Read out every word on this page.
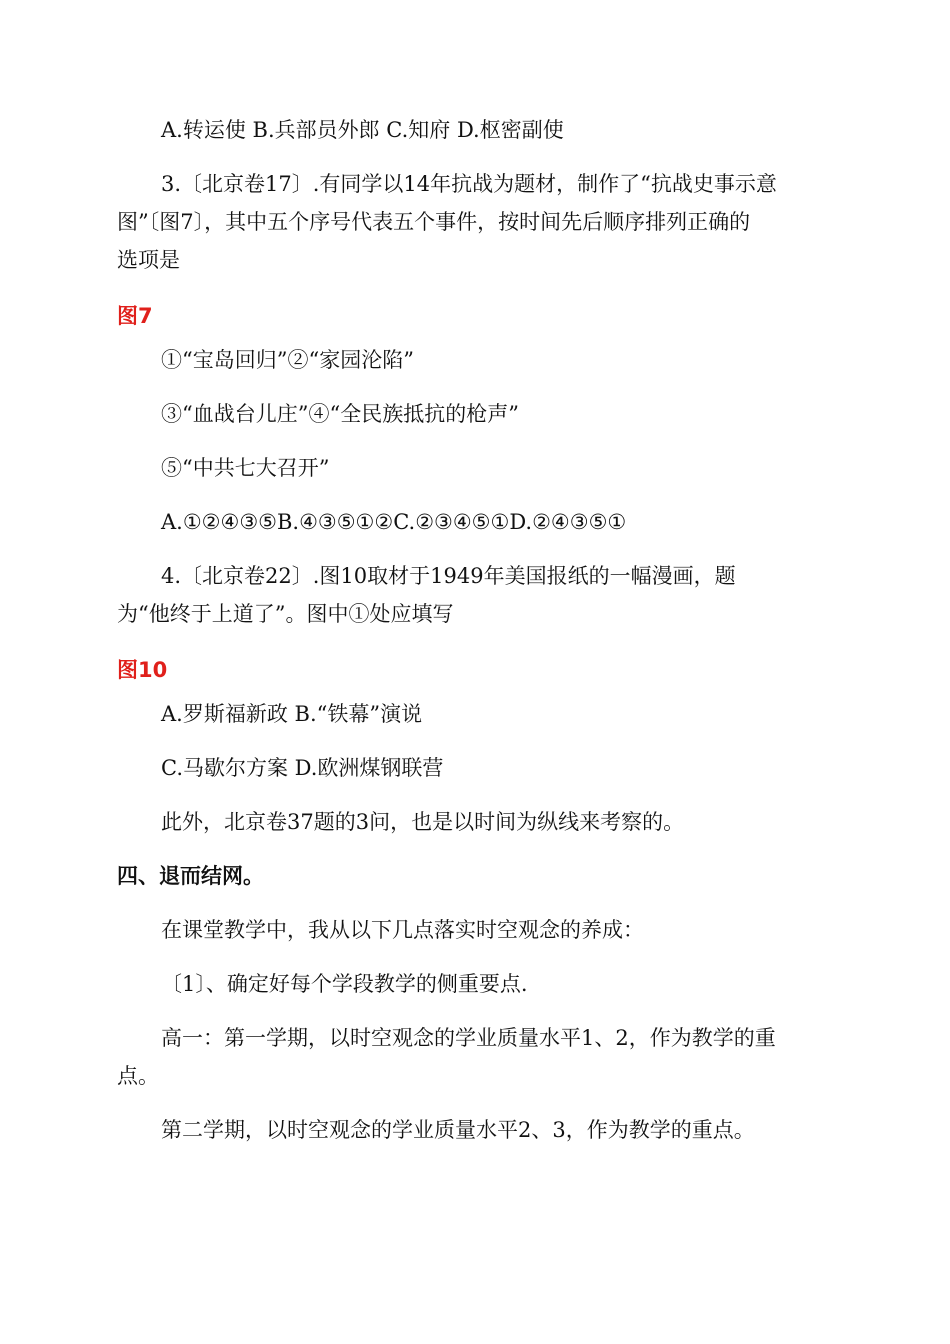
A.转运使 B.兵部员外郎 C.知府 D.枢密副使
3.〔北京卷17〕.有同学以14年抗战为题材，制作了“抗战史事示意
图”〔图7〕，其中五个序号代表五个事件，按时间先后顺序排列正确的
选项是
图7
①“宝岛回归”②“家园沦陷”
③“血战台儿庄”④“全民族抵抗的枪声”
⑤“中共七大召开”
A.①②④③⑤B.④③⑤①②C.②③④⑤①D.②④③⑤①
4.〔北京卷22〕.图10取材于1949年美国报纸的一幅漫画，题
为“他终于上道了”。图中①处应填写
图10
A.罗斯福新政 B.“铁幕”演说
C.马歇尔方案 D.欧洲煤钢联营
此外，北京卷37题的3问，也是以时间为纵线来考察的。
四、退而结网。
在课堂教学中，我从以下几点落实时空观念的养成：
〔1〕、确定好每个学段教学的侧重要点.
高一：第一学期，以时空观念的学业质量水平1、2，作为教学的重
点。
第二学期，以时空观念的学业质量水平2、3，作为教学的重点。
